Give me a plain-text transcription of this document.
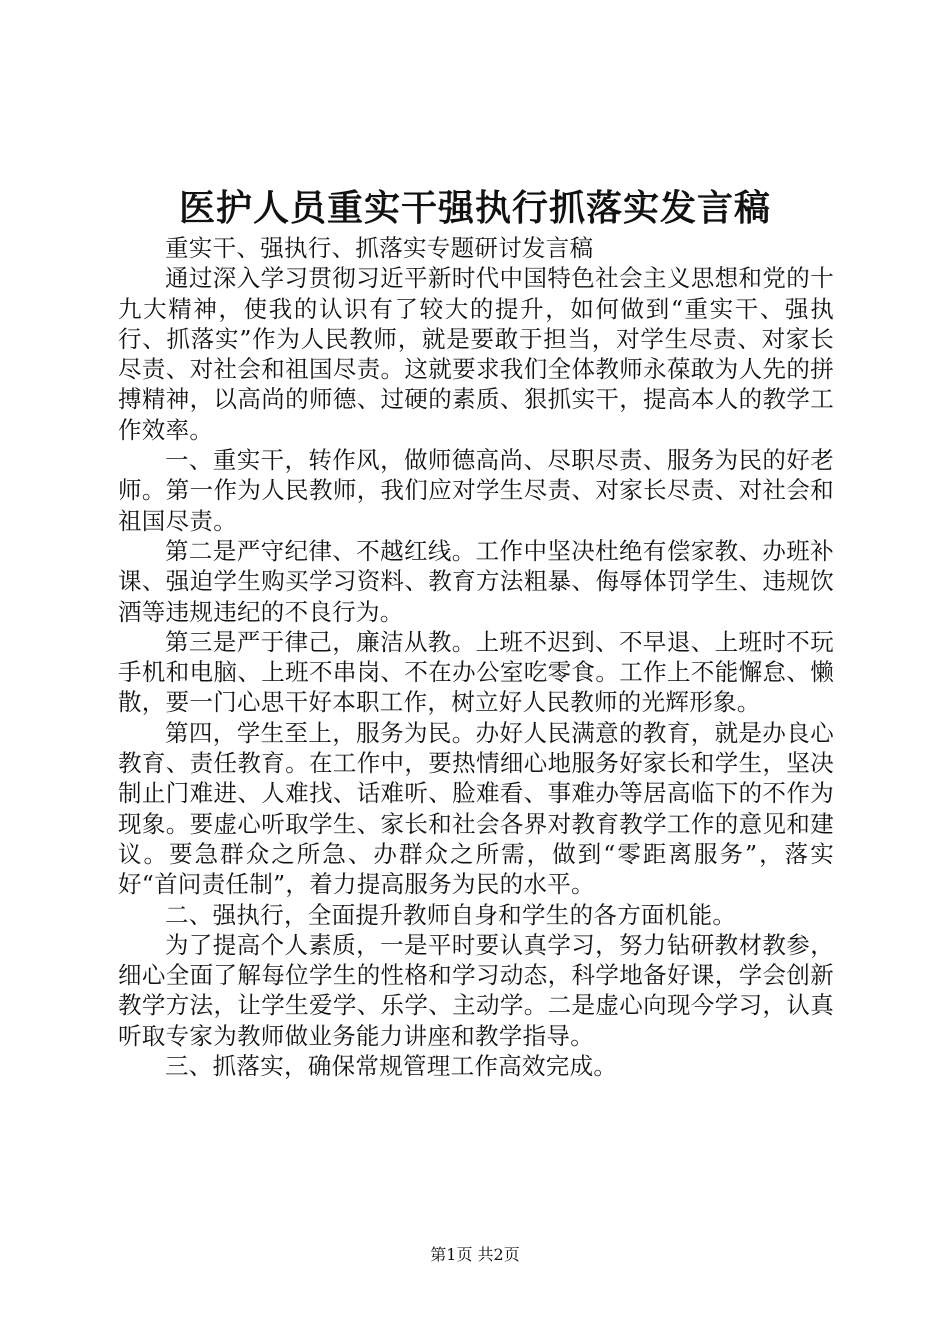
医护人员重实干强执行抓落实发言稿

重实干、强执行、抓落实专题研讨发言稿

通过深入学习贯彻习近平新时代中国特色社会主义思想和党的十九大精神，使我的认识有了较大的提升，如何做到“重实干、强执行、抓落实”作为人民教师，就是要敢于担当，对学生尽责、对家长尽责、对社会和祖国尽责。这就要求我们全体教师永葆敢为人先的拼搏精神，以高尚的师德、过硬的素质、狠抓实干，提高本人的教学工作效率。

一、重实干，转作风，做师德高尚、尽职尽责、服务为民的好老师。第一作为人民教师，我们应对学生尽责、对家长尽责、对社会和祖国尽责。

第二是严守纪律、不越红线。工作中坚决杜绝有偿家教、办班补课、强迫学生购买学习资料、教育方法粗暴、侮辱体罚学生、违规饮酒等违规违纪的不良行为。

第三是严于律己，廉洁从教。上班不迟到、不早退、上班时不玩手机和电脑、上班不串岗、不在办公室吃零食。工作上不能懈怠、懒散，要一门心思干好本职工作，树立好人民教师的光辉形象。

第四，学生至上，服务为民。办好人民满意的教育，就是办良心教育、责任教育。在工作中，要热情细心地服务好家长和学生，坚决制止门难进、人难找、话难听、脸难看、事难办等居高临下的不作为现象。要虚心听取学生、家长和社会各界对教育教学工作的意见和建议。要急群众之所急、办群众之所需，做到“零距离服务”，落实好“首问责任制”，着力提高服务为民的水平。

二、强执行，全面提升教师自身和学生的各方面机能。

为了提高个人素质，一是平时要认真学习，努力钻研教材教参，细心全面了解每位学生的性格和学习动态，科学地备好课，学会创新教学方法，让学生爱学、乐学、主动学。二是虚心向现今学习，认真听取专家为教师做业务能力讲座和教学指导。

三、抓落实，确保常规管理工作高效完成。

第1页 共2页
